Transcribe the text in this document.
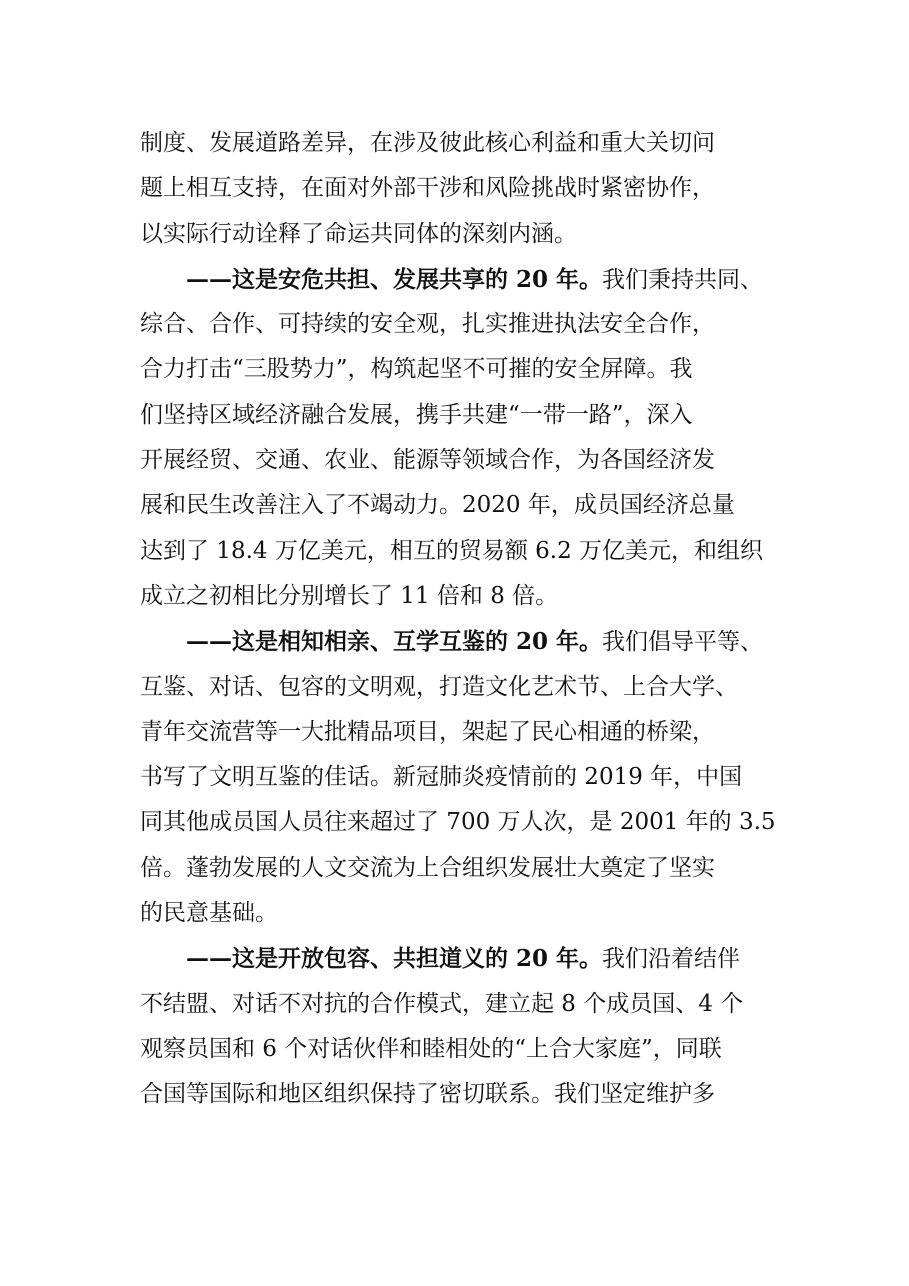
制度、发展道路差异，在涉及彼此核心利益和重大关切问
题上相互支持，在面对外部干涉和风险挑战时紧密协作，
以实际行动诠释了命运共同体的深刻内涵。
——这是安危共担、发展共享的 20 年。我们秉持共同、
综合、合作、可持续的安全观，扎实推进执法安全合作，
合力打击“三股势力”，构筑起坚不可摧的安全屏障。我
们坚持区域经济融合发展，携手共建“一带一路”，深入
开展经贸、交通、农业、能源等领域合作，为各国经济发
展和民生改善注入了不竭动力。2020 年，成员国经济总量
达到了 18.4 万亿美元，相互的贸易额 6.2 万亿美元，和组织
成立之初相比分别增长了 11 倍和 8 倍。
——这是相知相亲、互学互鉴的 20 年。我们倡导平等、
互鉴、对话、包容的文明观，打造文化艺术节、上合大学、
青年交流营等一大批精品项目，架起了民心相通的桥梁，
书写了文明互鉴的佳话。新冠肺炎疫情前的 2019 年，中国
同其他成员国人员往来超过了 700 万人次，是 2001 年的 3.5
倍。蓬勃发展的人文交流为上合组织发展壮大奠定了坚实
的民意基础。
——这是开放包容、共担道义的 20 年。我们沿着结伴
不结盟、对话不对抗的合作模式，建立起 8 个成员国、4 个
观察员国和 6 个对话伙伴和睦相处的“上合大家庭”，同联
合国等国际和地区组织保持了密切联系。我们坚定维护多
